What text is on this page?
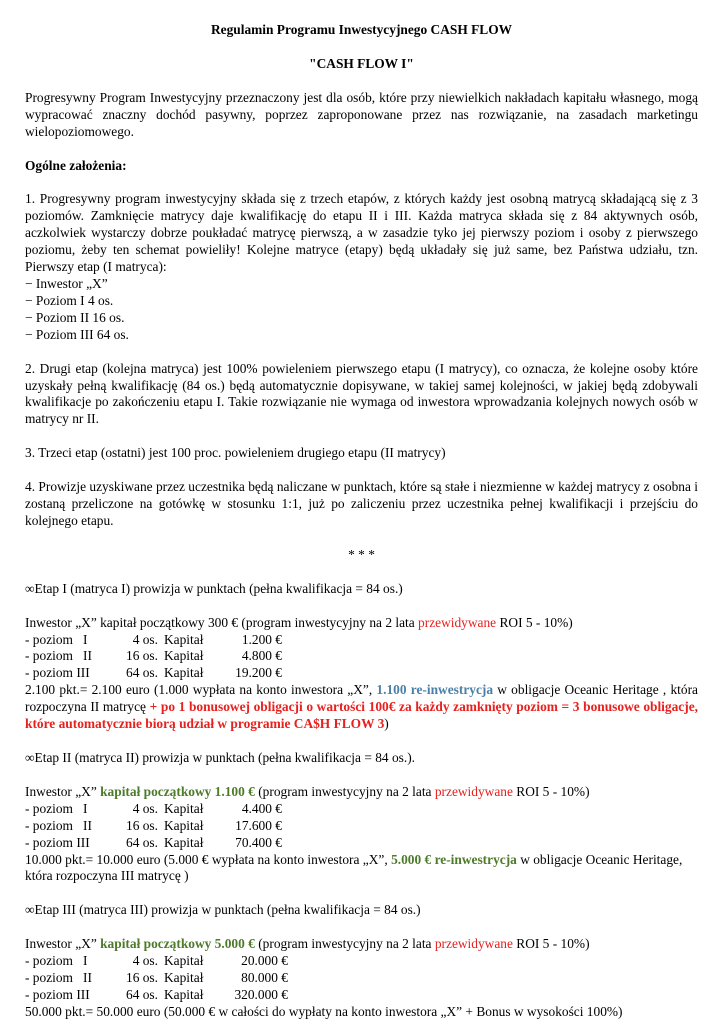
Regulamin Programu Inwestycyjnego CASH FLOW

"CASH FLOW I"

Progresywny Program Inwestycyjny przeznaczony jest dla osób, które przy niewielkich nakładach kapitału własnego, mogą wypracować znaczny dochód pasywny, poprzez zaproponowane przez nas rozwiązanie, na zasadach marketingu wielopoziomowego.

Ogólne założenia:

1. Progresywny program inwestycyjny składa się z trzech etapów, z których każdy jest osobną matrycą składającą się z 3 poziomów. Zamknięcie matrycy daje kwalifikację do etapu II i III. Każda matryca składa się z 84 aktywnych osób, aczkolwiek wystarczy dobrze poukładać matrycę pierwszą, a w zasadzie tyko jej pierwszy poziom i osoby z pierwszego poziomu, żeby ten schemat powieliły! Kolejne matryce (etapy) będą układały się już same, bez Państwa udziału, tzn. Pierwszy etap (I matryca):

− Inwestor „X”

− Poziom I 4 os.

− Poziom II 16 os.

− Poziom III 64 os.

2. Drugi etap (kolejna matryca) jest 100% powieleniem pierwszego etapu (I matrycy), co oznacza, że kolejne osoby które uzyskały pełną kwalifikację (84 os.) będą automatycznie dopisywane, w takiej samej kolejności, w jakiej będą zdobywali kwalifikacje po zakończeniu etapu I. Takie rozwiązanie nie wymaga od inwestora wprowadzania kolejnych nowych osób w matrycy nr II.

3. Trzeci etap (ostatni) jest 100 proc. powieleniem drugiego etapu (II matrycy)

4. Prowizje uzyskiwane przez uczestnika będą naliczane w punktach, które są stałe i niezmienne w każdej matrycy z osobna i zostaną przeliczone na gotówkę w stosunku 1:1, już po zaliczeniu przez uczestnika pełnej kwalifikacji i przejściu do kolejnego etapu.

* * *

∞Etap I (matryca I) prowizja w punktach (pełna kwalifikacja = 84 os.)

Inwestor „X” kapitał początkowy 300 € (program inwestycyjny na 2 lata przewidywane ROI 5 - 10%)

- poziom   I	4 os. Kapitał	1.200 €

- poziom   II	16 os. Kapitał	4.800 €

- poziom III	64 os. Kapitał 19.200 €

2.100 pkt.= 2.100 euro (1.000 wypłata na konto inwestora „X”, 1.100 re-inwestrycja w obligacje Oceanic Heritage , która rozpoczyna II matrycę + po 1 bonusowej obligacji o wartości 100€ za każdy zamknięty poziom = 3 bonusowe obligacje, które automatycznie biorą udział w programie CA$H FLOW 3)

∞Etap II (matryca II) prowizja w punktach (pełna kwalifikacja = 84 os.).

Inwestor „X” kapitał początkowy 1.100 € (program inwestycyjny na 2 lata przewidywane ROI 5 - 10%)

- poziom   I	4 os. Kapitał	4.400 €

- poziom   II	16 os. Kapitał 17.600 €

- poziom III	64 os. Kapitał 70.400 €

10.000 pkt.= 10.000 euro (5.000 € wypłata na konto inwestora „X”, 5.000 € re-inwestrycja w obligacje Oceanic Heritage, która rozpoczyna III matrycę )

∞Etap III (matryca III) prowizja w punktach (pełna kwalifikacja = 84 os.)

Inwestor „X” kapitał początkowy 5.000 € (program inwestycyjny na 2 lata przewidywane ROI 5 - 10%)

- poziom   I	4 os. Kapitał	20.000 €

- poziom   II	16 os. Kapitał	80.000 €

- poziom III	64 os. Kapitał 320.000 €

50.000 pkt.= 50.000 euro (50.000 € w całości do wypłaty na konto inwestora „X” + Bonus w wysokości 100%)
